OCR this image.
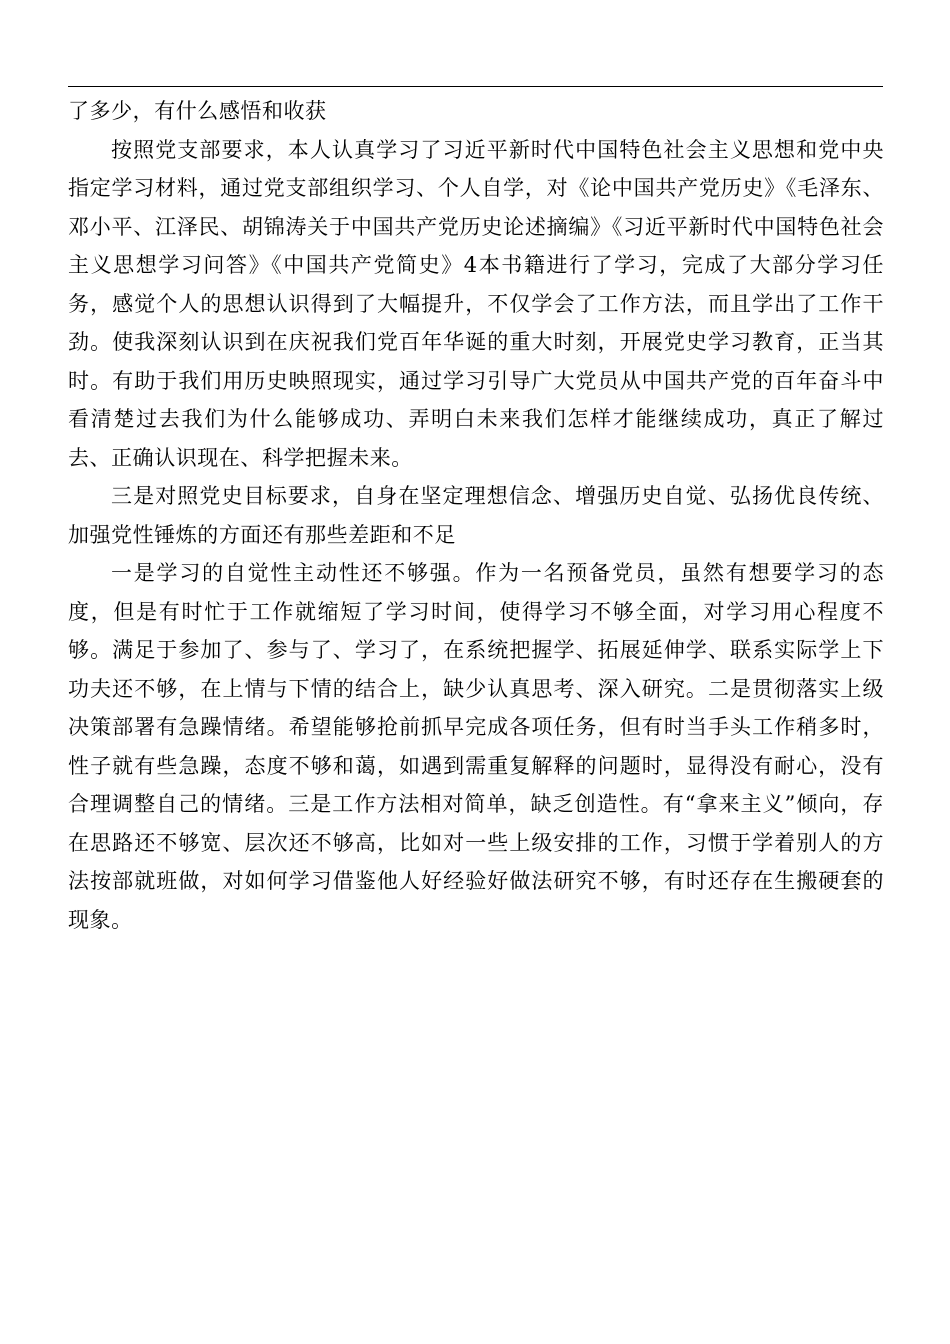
了多少，有什么感悟和收获

按照党支部要求，本人认真学习了习近平新时代中国特色社会主义思想和党中央指定学习材料，通过党支部组织学习、个人自学，对《论中国共产党历史》《毛泽东、邓小平、江泽民、胡锦涛关于中国共产党历史论述摘编》《习近平新时代中国特色社会主义思想学习问答》《中国共产党简史》4本书籍进行了学习，完成了大部分学习任务，感觉个人的思想认识得到了大幅提升，不仅学会了工作方法，而且学出了工作干劲。使我深刻认识到在庆祝我们党百年华诞的重大时刻，开展党史学习教育，正当其时。有助于我们用历史映照现实，通过学习引导广大党员从中国共产党的百年奋斗中看清楚过去我们为什么能够成功、弄明白未来我们怎样才能继续成功，真正了解过去、正确认识现在、科学把握未来。

三是对照党史目标要求，自身在坚定理想信念、增强历史自觉、弘扬优良传统、加强党性锤炼的方面还有那些差距和不足

一是学习的自觉性主动性还不够强。作为一名预备党员，虽然有想要学习的态度，但是有时忙于工作就缩短了学习时间，使得学习不够全面，对学习用心程度不够。满足于参加了、参与了、学习了，在系统把握学、拓展延伸学、联系实际学上下功夫还不够，在上情与下情的结合上，缺少认真思考、深入研究。二是贯彻落实上级决策部署有急躁情绪。希望能够抢前抓早完成各项任务，但有时当手头工作稍多时，性子就有些急躁，态度不够和蔼，如遇到需重复解释的问题时，显得没有耐心，没有合理调整自己的情绪。三是工作方法相对简单，缺乏创造性。有“拿来主义”倾向，存在思路还不够宽、层次还不够高，比如对一些上级安排的工作，习惯于学着别人的方法按部就班做，对如何学习借鉴他人好经验好做法研究不够，有时还存在生搬硬套的现象。
